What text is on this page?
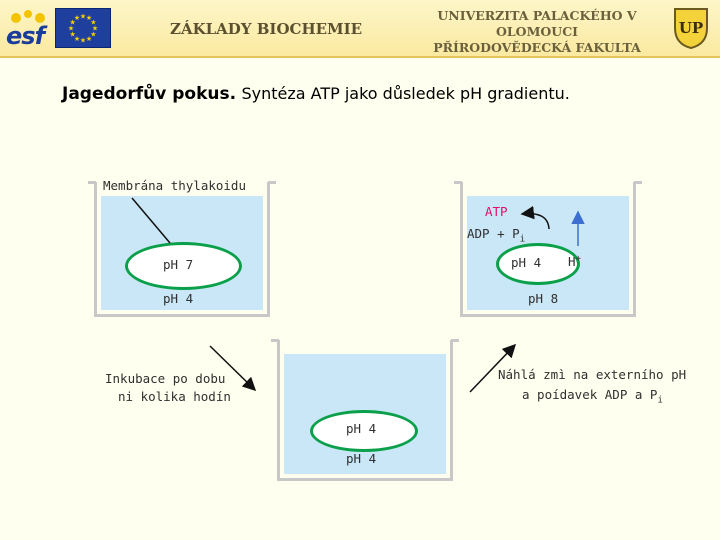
esf
★ ★
★
★
★
★
★
★
★
★
★
★
ZÁKLADY BIOCHEMIE
UNIVERZITA PALACKÉHO V OLOMOUCI
PŘÍRODOVĚDECKÁ FAKULTA
UP
Jagedorfův pokus. Syntéza ATP jako důsledek pH gradientu.
Membrána thylakoidu
pH 7
pH 4
ATP
ADP + $P_i$
pH 4 H+
pH 8
pH 4
pH 4
Inkubace po dobu
ni kolika hodín
Náhlá zmì na externího pH
a poídavek ADP a $P_i$
